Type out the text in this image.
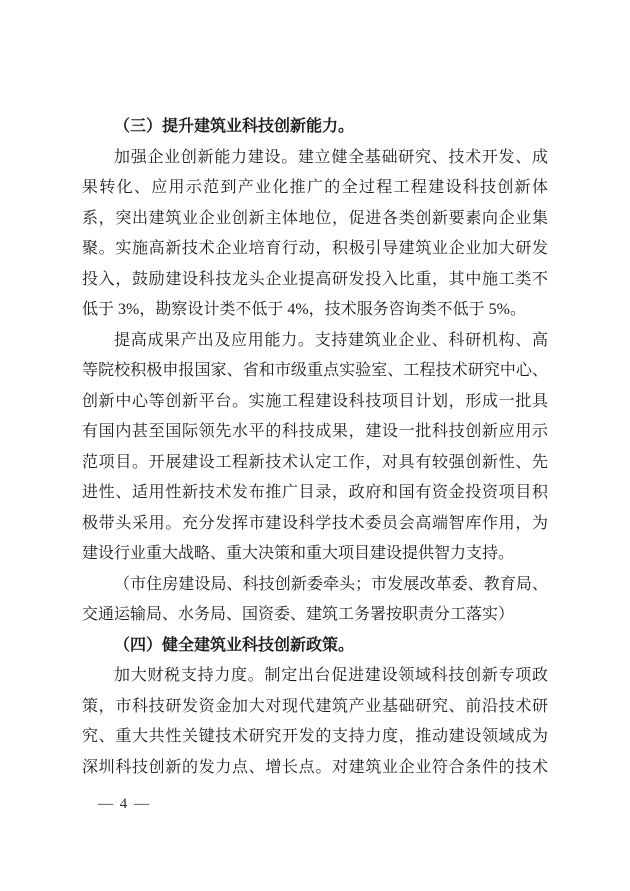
（三）提升建筑业科技创新能力。

加强企业创新能力建设。建立健全基础研究、技术开发、成

果转化、应用示范到产业化推广的全过程工程建设科技创新体

系，突出建筑业企业创新主体地位，促进各类创新要素向企业集

聚。实施高新技术企业培育行动，积极引导建筑业企业加大研发

投入，鼓励建设科技龙头企业提高研发投入比重，其中施工类不

低于 3%，勘察设计类不低于 4%，技术服务咨询类不低于 5%。

提高成果产出及应用能力。支持建筑业企业、科研机构、高

等院校积极申报国家、省和市级重点实验室、工程技术研究中心、

创新中心等创新平台。实施工程建设科技项目计划，形成一批具

有国内甚至国际领先水平的科技成果，建设一批科技创新应用示

范项目。开展建设工程新技术认定工作，对具有较强创新性、先

进性、适用性新技术发布推广目录，政府和国有资金投资项目积

极带头采用。充分发挥市建设科学技术委员会高端智库作用，为

建设行业重大战略、重大决策和重大项目建设提供智力支持。

（市住房建设局、科技创新委牵头；市发展改革委、教育局、

交通运输局、水务局、国资委、建筑工务署按职责分工落实）

（四）健全建筑业科技创新政策。

加大财税支持力度。制定出台促进建设领域科技创新专项政

策，市科技研发资金加大对现代建筑产业基础研究、前沿技术研

究、重大共性关键技术研究开发的支持力度，推动建设领域成为

深圳科技创新的发力点、增长点。对建筑业企业符合条件的技术

— 4 —
